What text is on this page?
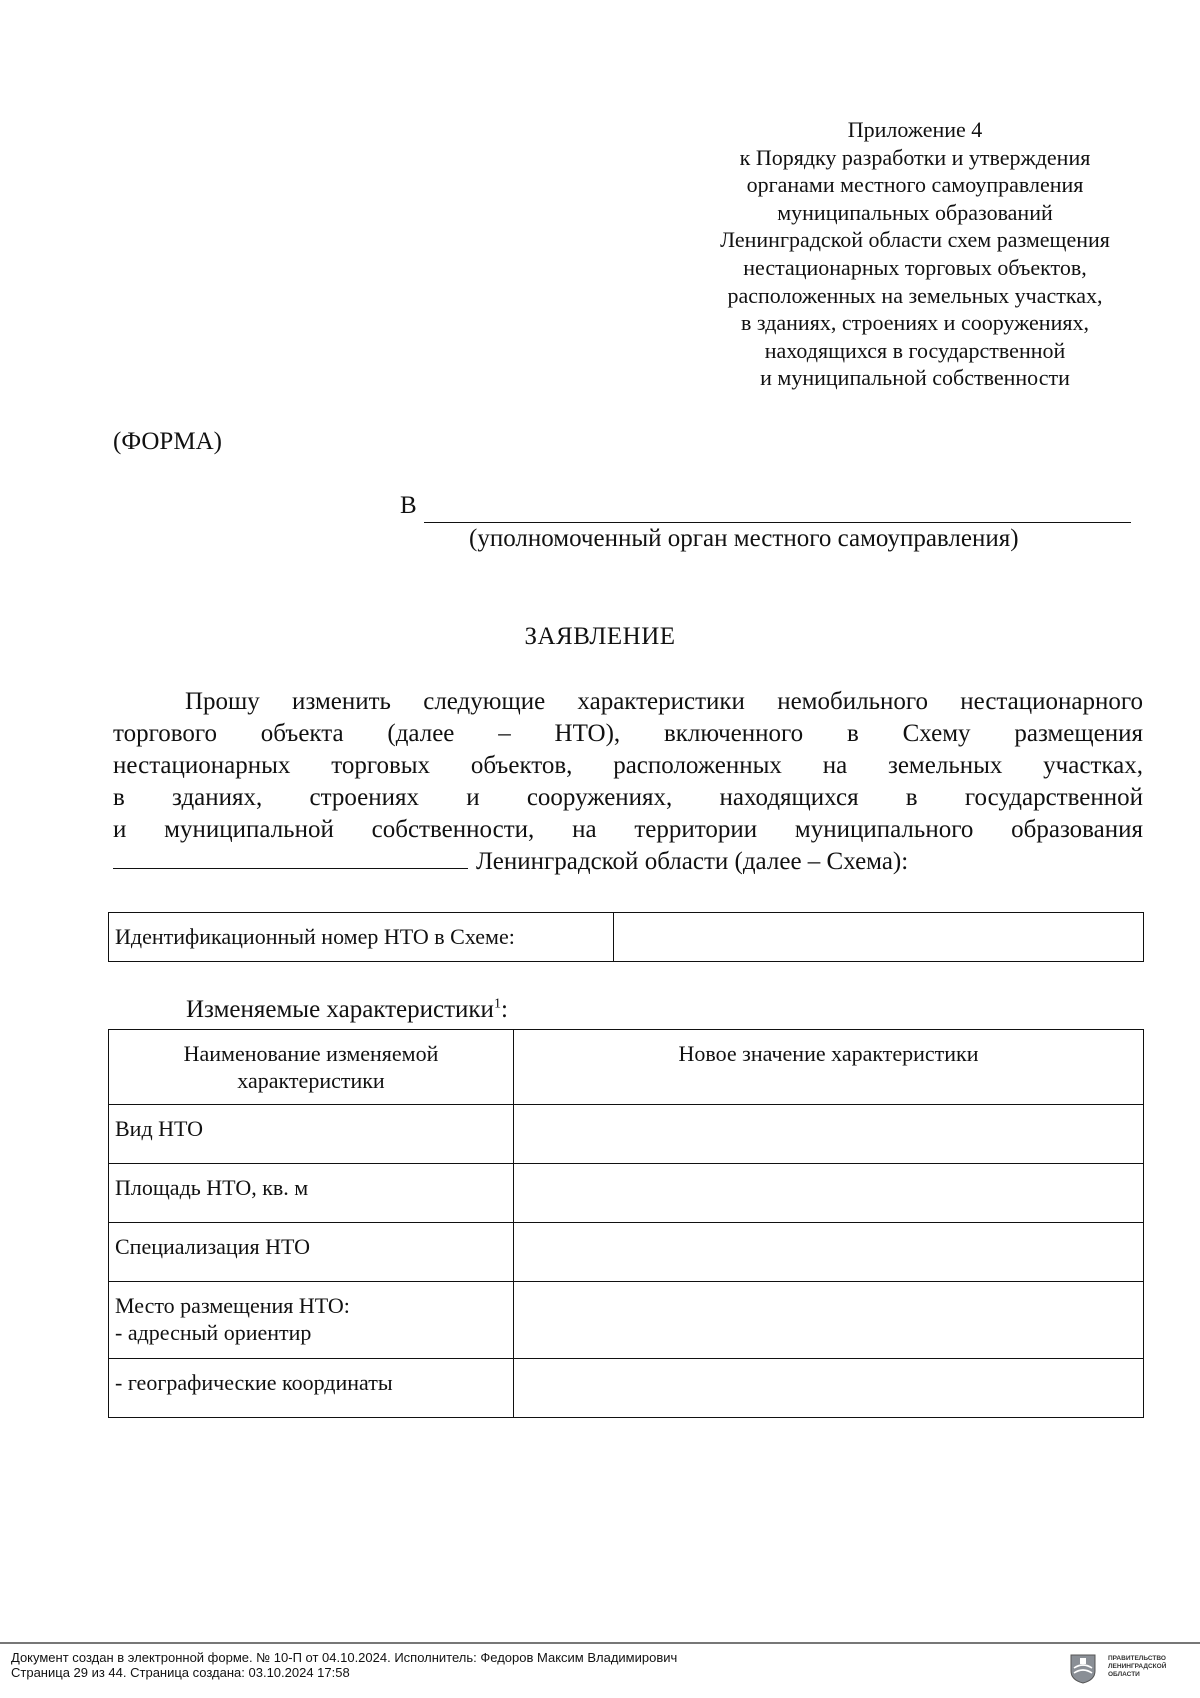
Приложение 4
к Порядку разработки и утверждения
органами местного самоуправления
муниципальных образований
Ленинградской области схем размещения
нестационарных торговых объектов,
расположенных на земельных участках,
в зданиях, строениях и сооружениях,
находящихся в государственной
и муниципальной собственности
(ФОРМА)
В
(уполномоченный орган местного самоуправления)
ЗАЯВЛЕНИЕ
Прошу изменить следующие характеристики немобильного нестационарного
торгового объекта (далее – НТО), включенного в Схему размещения
нестационарных торговых объектов, расположенных на земельных участках,
в зданиях, строениях и сооружениях, находящихся в государственной
и муниципальной собственности, на территории муниципального образования
Ленинградской области (далее – Схема):
Идентификационный номер НТО в Схеме:	
Изменяемые характеристики$^1$:
Наименование изменяемой характеристики	Новое значение характеристики
Вид НТО	
Площадь НТО, кв. м	
Специализация НТО	

Место размещения НТО:
- адресный ориентир	

- географические координаты	
Документ создан в электронной форме. № 10-П от 04.10.2024. Исполнитель: Федоров Максим Владимирович
Страница 29 из 44. Страница создана: 03.10.2024 17:58
ПРАВИТЕЛЬСТВО
ЛЕНИНГРАДСКОЙ
ОБЛАСТИ
